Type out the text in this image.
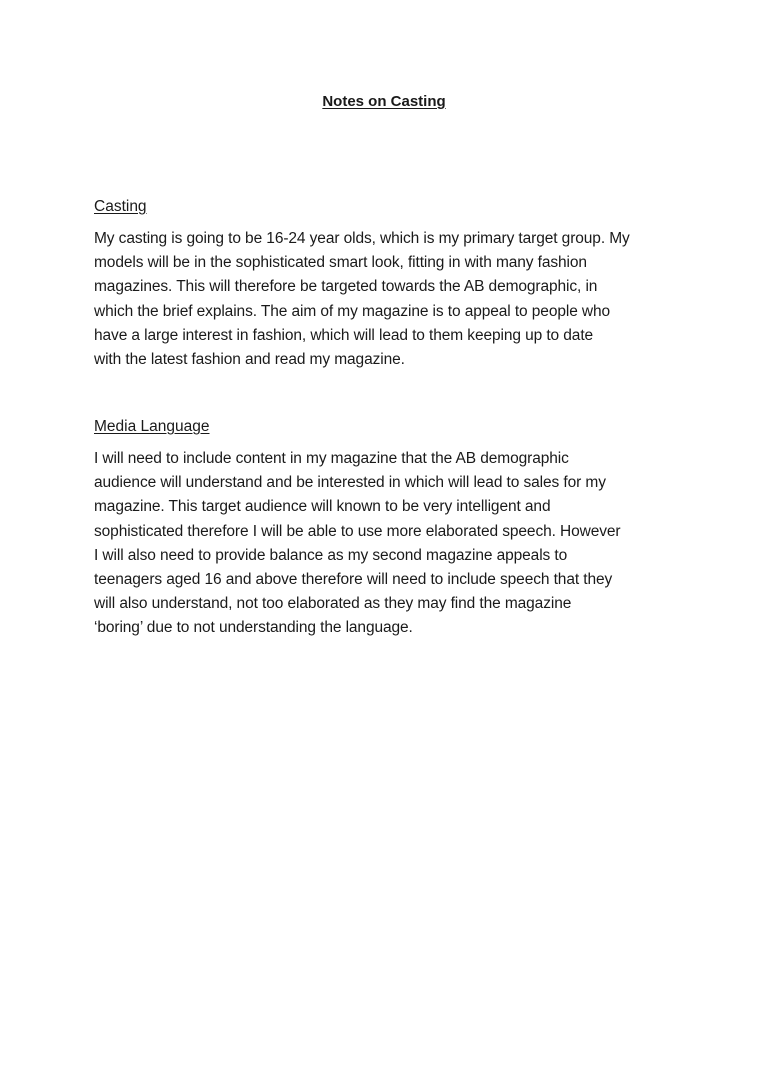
Notes on Casting
Casting

My casting is going to be 16-24 year olds, which is my primary target group. My
models will be in the sophisticated smart look, fitting in with many fashion
magazines. This will therefore be targeted towards the AB demographic, in
which the brief explains. The aim of my magazine is to appeal to people who
have a large interest in fashion, which will lead to them keeping up to date
with the latest fashion and read my magazine.

Media Language

I will need to include content in my magazine that the AB demographic
audience will understand and be interested in which will lead to sales for my
magazine. This target audience will known to be very intelligent and
sophisticated therefore I will be able to use more elaborated speech. However
I will also need to provide balance as my second magazine appeals to
teenagers aged 16 and above therefore will need to include speech that they
will also understand, not too elaborated as they may find the magazine
‘boring’ due to not understanding the language.
